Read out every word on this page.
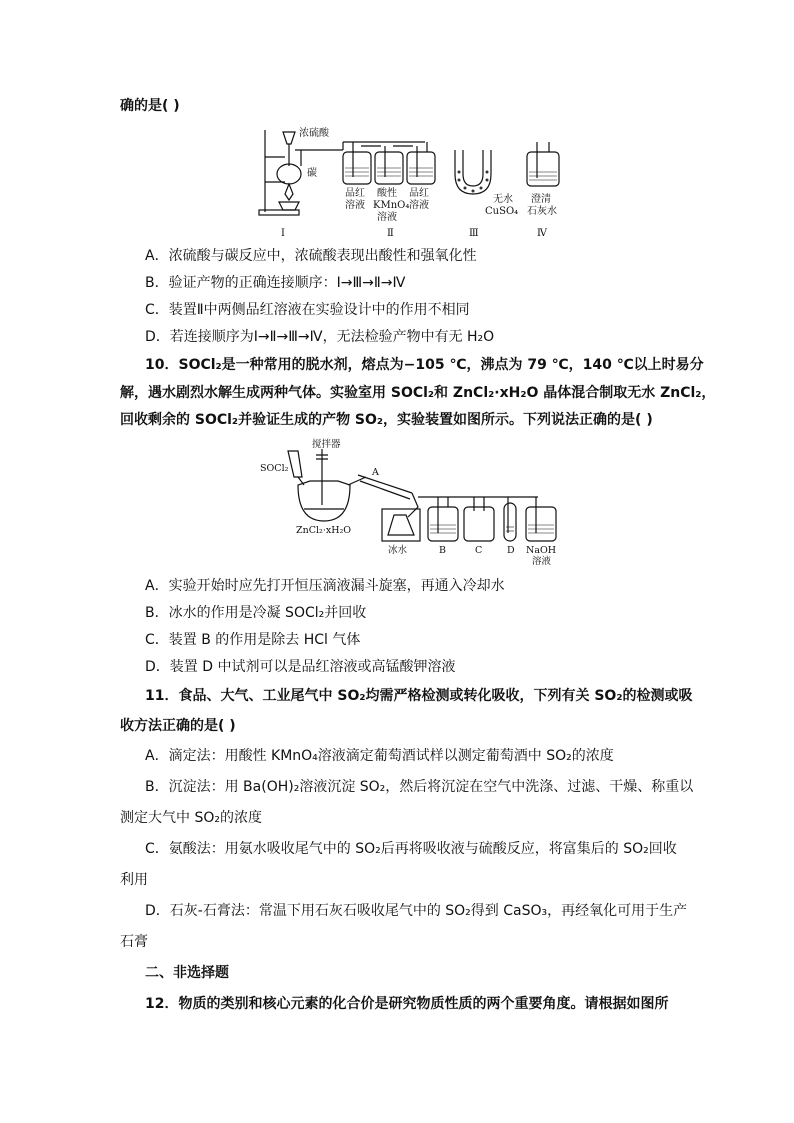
确的是( )
浓硫酸
碳
品红
溶液
酸性
KMnO₄
溶液
品红
溶液
无水
CuSO₄
澄清
石灰水
Ⅰ	Ⅱ	Ⅲ	Ⅳ
A．浓硫酸与碳反应中，浓硫酸表现出酸性和强氧化性
B．验证产物的正确连接顺序：Ⅰ→Ⅲ→Ⅱ→Ⅳ
C．装置Ⅱ中两侧品红溶液在实验设计中的作用不相同
D．若连接顺序为Ⅰ→Ⅱ→Ⅲ→Ⅳ，无法检验产物中有无 H₂O
10．SOCl₂是一种常用的脱水剂，熔点为−105 ℃，沸点为 79 ℃，140 ℃以上时易分
解，遇水剧烈水解生成两种气体。实验室用 SOCl₂和 ZnCl₂·xH₂O 晶体混合制取无水 ZnCl₂，
回收剩余的 SOCl₂并验证生成的产物 SO₂，实验装置如图所示。下列说法正确的是( )
搅拌器
SOCl₂	A
ZnCl₂·xH₂O
冰水	B	C	D NaOH
溶液
A．实验开始时应先打开恒压滴液漏斗旋塞，再通入冷却水
B．冰水的作用是冷凝 SOCl₂并回收
C．装置 B 的作用是除去 HCl 气体
D．装置 D 中试剂可以是品红溶液或高锰酸钾溶液
11．食品、大气、工业尾气中 SO₂均需严格检测或转化吸收，下列有关 SO₂的检测或吸
收方法正确的是( )
A．滴定法：用酸性 KMnO₄溶液滴定葡萄酒试样以测定葡萄酒中 SO₂的浓度
B．沉淀法：用 Ba(OH)₂溶液沉淀 SO₂，然后将沉淀在空气中洗涤、过滤、干燥、称重以
测定大气中 SO₂的浓度
C．氨酸法：用氨水吸收尾气中的 SO₂后再将吸收液与硫酸反应，将富集后的 SO₂回收
利用
D．石灰-石膏法：常温下用石灰石吸收尾气中的 SO₂得到 CaSO₃，再经氧化可用于生产
石膏
二、非选择题
12．物质的类别和核心元素的化合价是研究物质性质的两个重要角度。请根据如图所
